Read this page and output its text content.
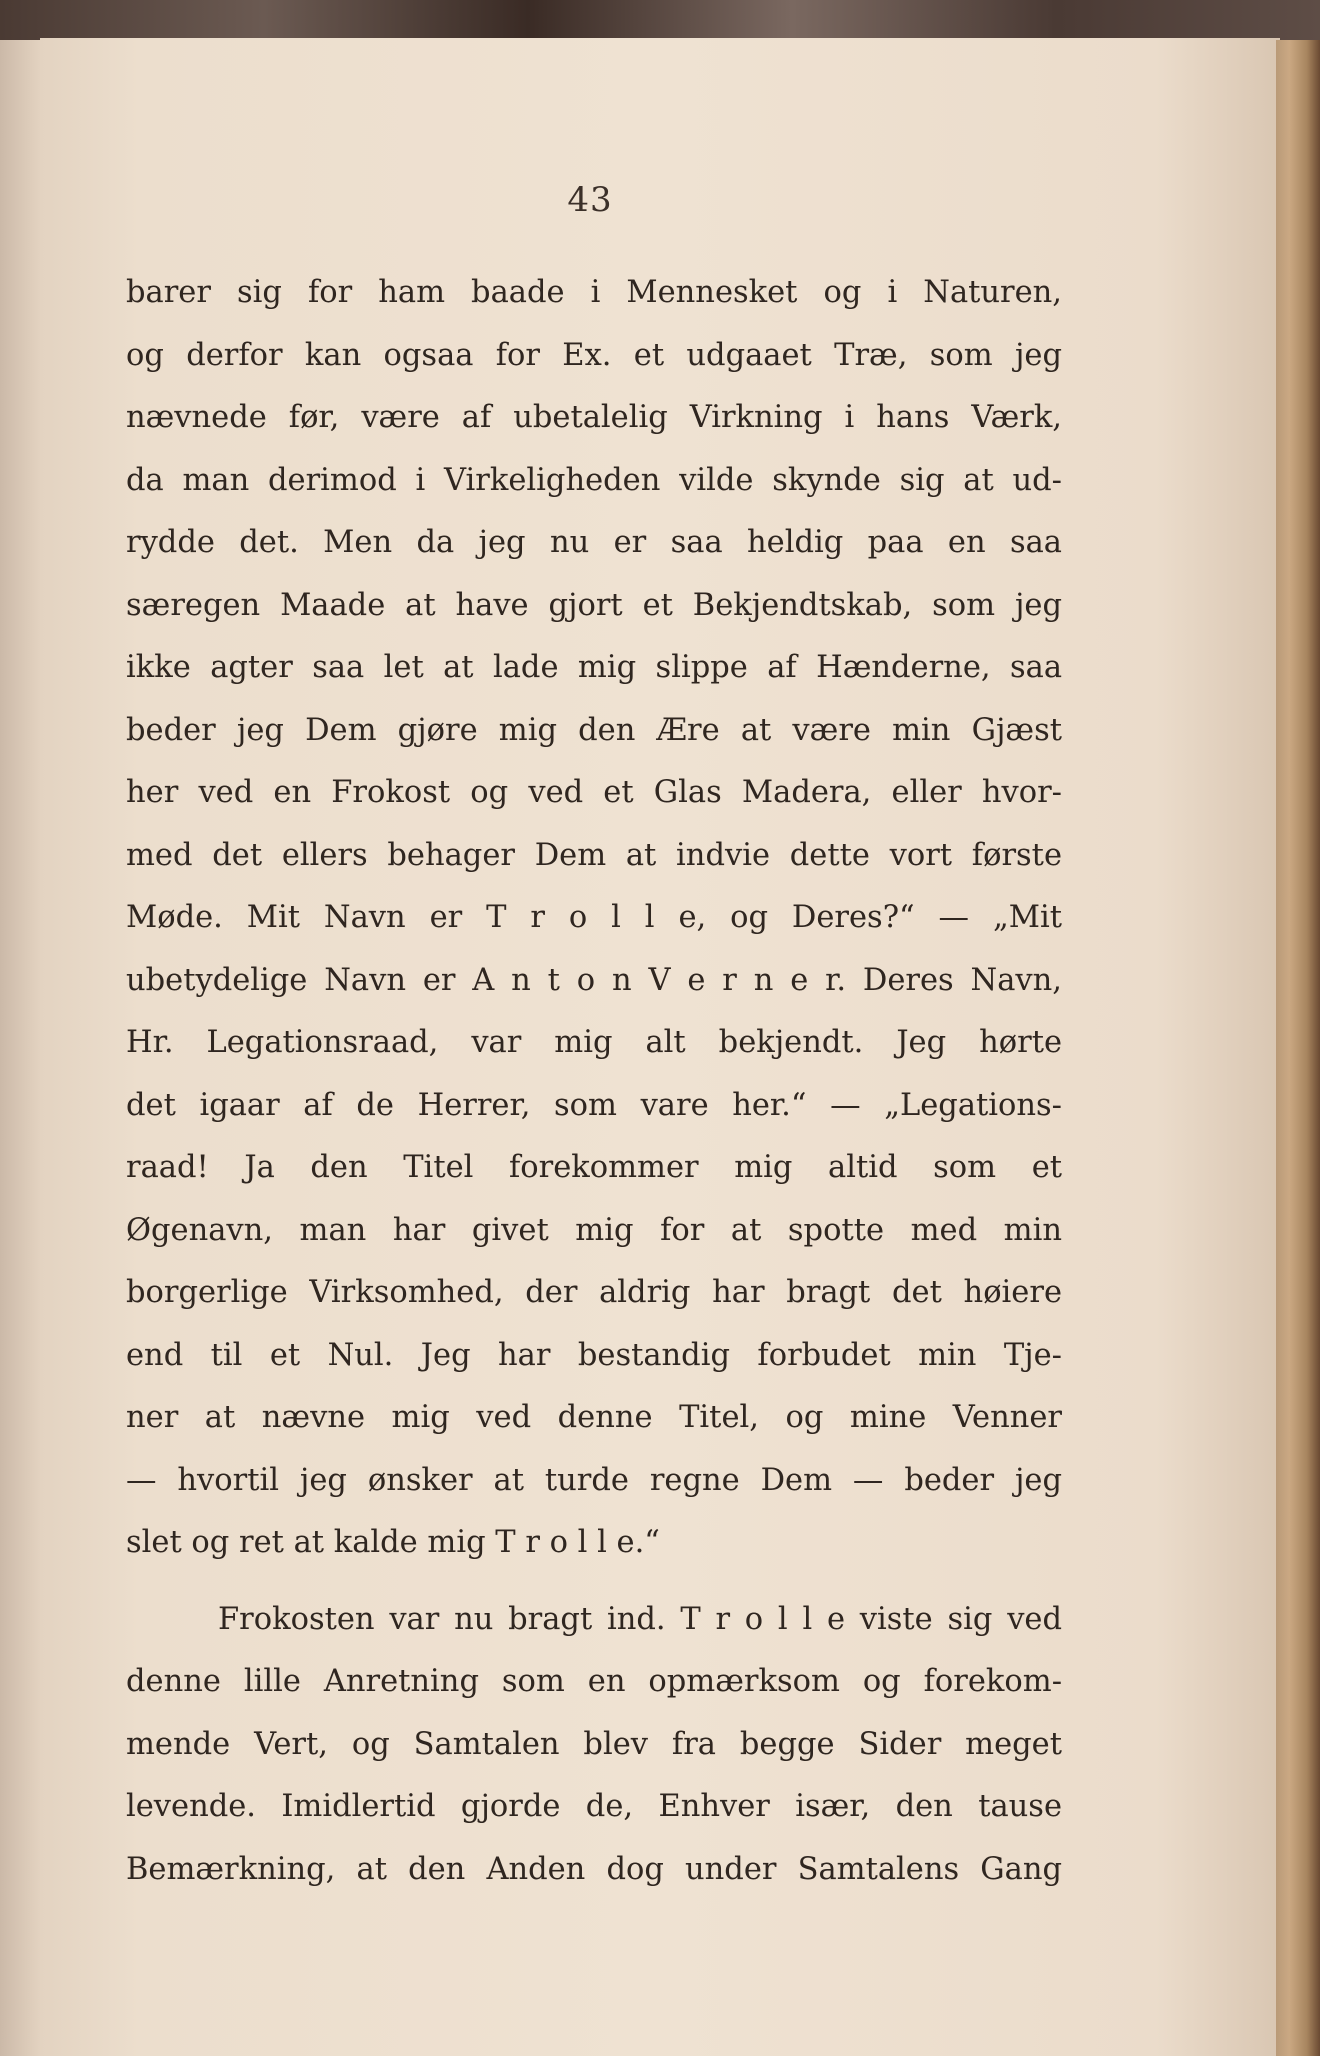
43
barer sig for ham baade i Mennesket og i Naturen,
og derfor kan ogsaa for Ex. et udgaaet Træ, som jeg
nævnede før, være af ubetalelig Virkning i hans Værk,
da man derimod i Virkeligheden vilde skynde sig at ud-
rydde det. Men da jeg nu er saa heldig paa en saa
særegen Maade at have gjort et Bekjendtskab, som jeg
ikke agter saa let at lade mig slippe af Hænderne, saa
beder jeg Dem gjøre mig den Ære at være min Gjæst
her ved en Frokost og ved et Glas Madera, eller hvor-
med det ellers behager Dem at indvie dette vort første
Møde. Mit Navn er T r o l l e, og Deres?“ — „Mit
ubetydelige Navn er A n t o n V e r n e r. Deres Navn,
Hr. Legationsraad, var mig alt bekjendt. Jeg hørte
det igaar af de Herrer, som vare her.“ — „Legations-
raad! Ja den Titel forekommer mig altid som et
Øgenavn, man har givet mig for at spotte med min
borgerlige Virksomhed, der aldrig har bragt det høiere
end til et Nul. Jeg har bestandig forbudet min Tje-
ner at nævne mig ved denne Titel, og mine Venner
— hvortil jeg ønsker at turde regne Dem — beder jeg
slet og ret at kalde mig T r o l l e.“
Frokosten var nu bragt ind. T r o l l e viste sig ved
denne lille Anretning som en opmærksom og forekom-
mende Vert, og Samtalen blev fra begge Sider meget
levende. Imidlertid gjorde de, Enhver især, den tause
Bemærkning, at den Anden dog under Samtalens Gang
